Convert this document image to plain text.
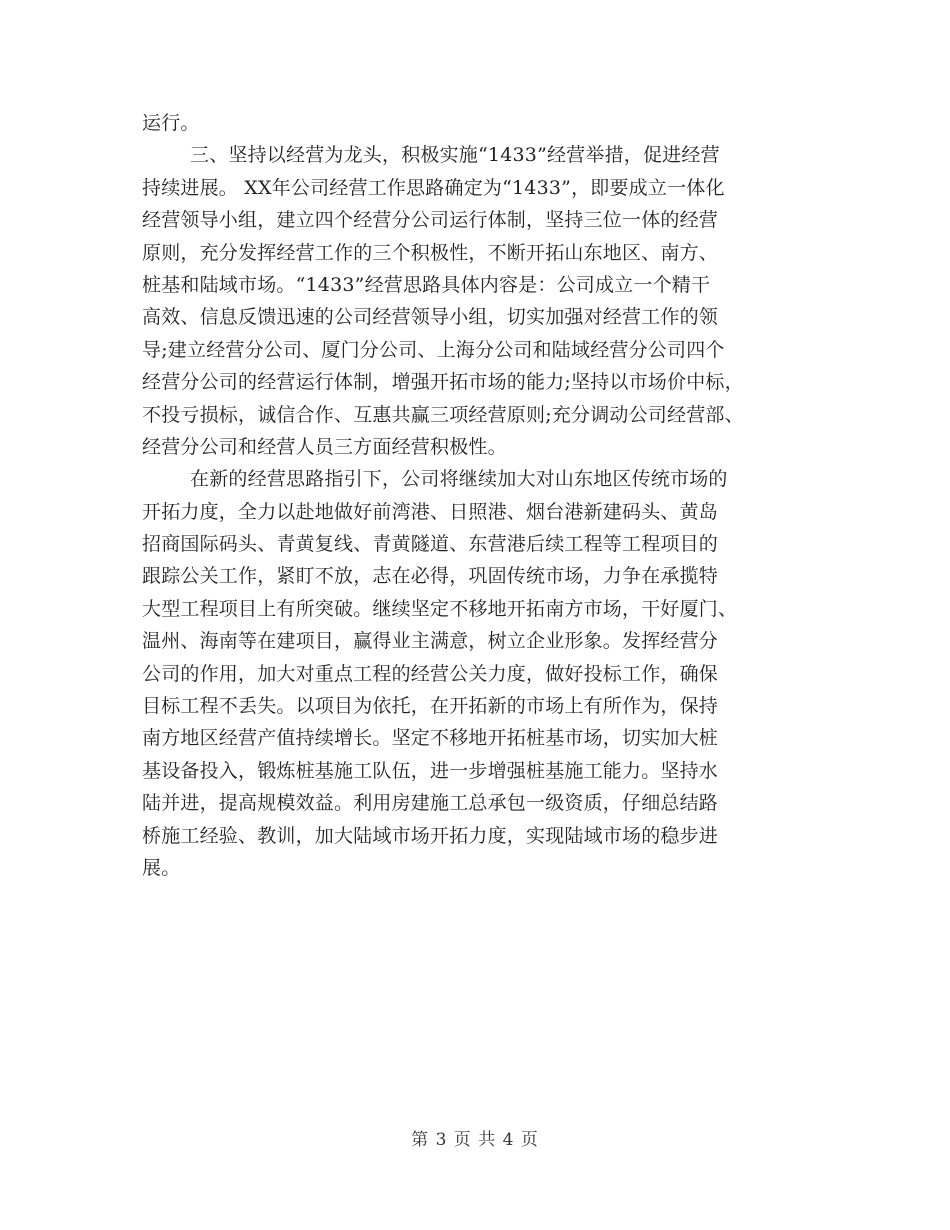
运行。
三、坚持以经营为龙头，积极实施“1433”经营举措，促进经营
持续进展。 XX年公司经营工作思路确定为“1433”，即要成立一体化
经营领导小组，建立四个经营分公司运行体制，坚持三位一体的经营
原则，充分发挥经营工作的三个积极性，不断开拓山东地区、南方、
桩基和陆域市场。“1433”经营思路具体内容是：公司成立一个精干
高效、信息反馈迅速的公司经营领导小组，切实加强对经营工作的领
导;建立经营分公司、厦门分公司、上海分公司和陆域经营分公司四个
经营分公司的经营运行体制，增强开拓市场的能力;坚持以市场价中标，
不投亏损标，诚信合作、互惠共赢三项经营原则;充分调动公司经营部、
经营分公司和经营人员三方面经营积极性。
在新的经营思路指引下，公司将继续加大对山东地区传统市场的
开拓力度，全力以赴地做好前湾港、日照港、烟台港新建码头、黄岛
招商国际码头、青黄复线、青黄隧道、东营港后续工程等工程项目的
跟踪公关工作，紧盯不放，志在必得，巩固传统市场，力争在承揽特
大型工程项目上有所突破。继续坚定不移地开拓南方市场，干好厦门、
温州、海南等在建项目，赢得业主满意，树立企业形象。发挥经营分
公司的作用，加大对重点工程的经营公关力度，做好投标工作，确保
目标工程不丢失。以项目为依托，在开拓新的市场上有所作为，保持
南方地区经营产值持续增长。坚定不移地开拓桩基市场，切实加大桩
基设备投入，锻炼桩基施工队伍，进一步增强桩基施工能力。坚持水
陆并进，提高规模效益。利用房建施工总承包一级资质，仔细总结路
桥施工经验、教训，加大陆域市场开拓力度，实现陆域市场的稳步进
展。
第 3 页 共 4 页
